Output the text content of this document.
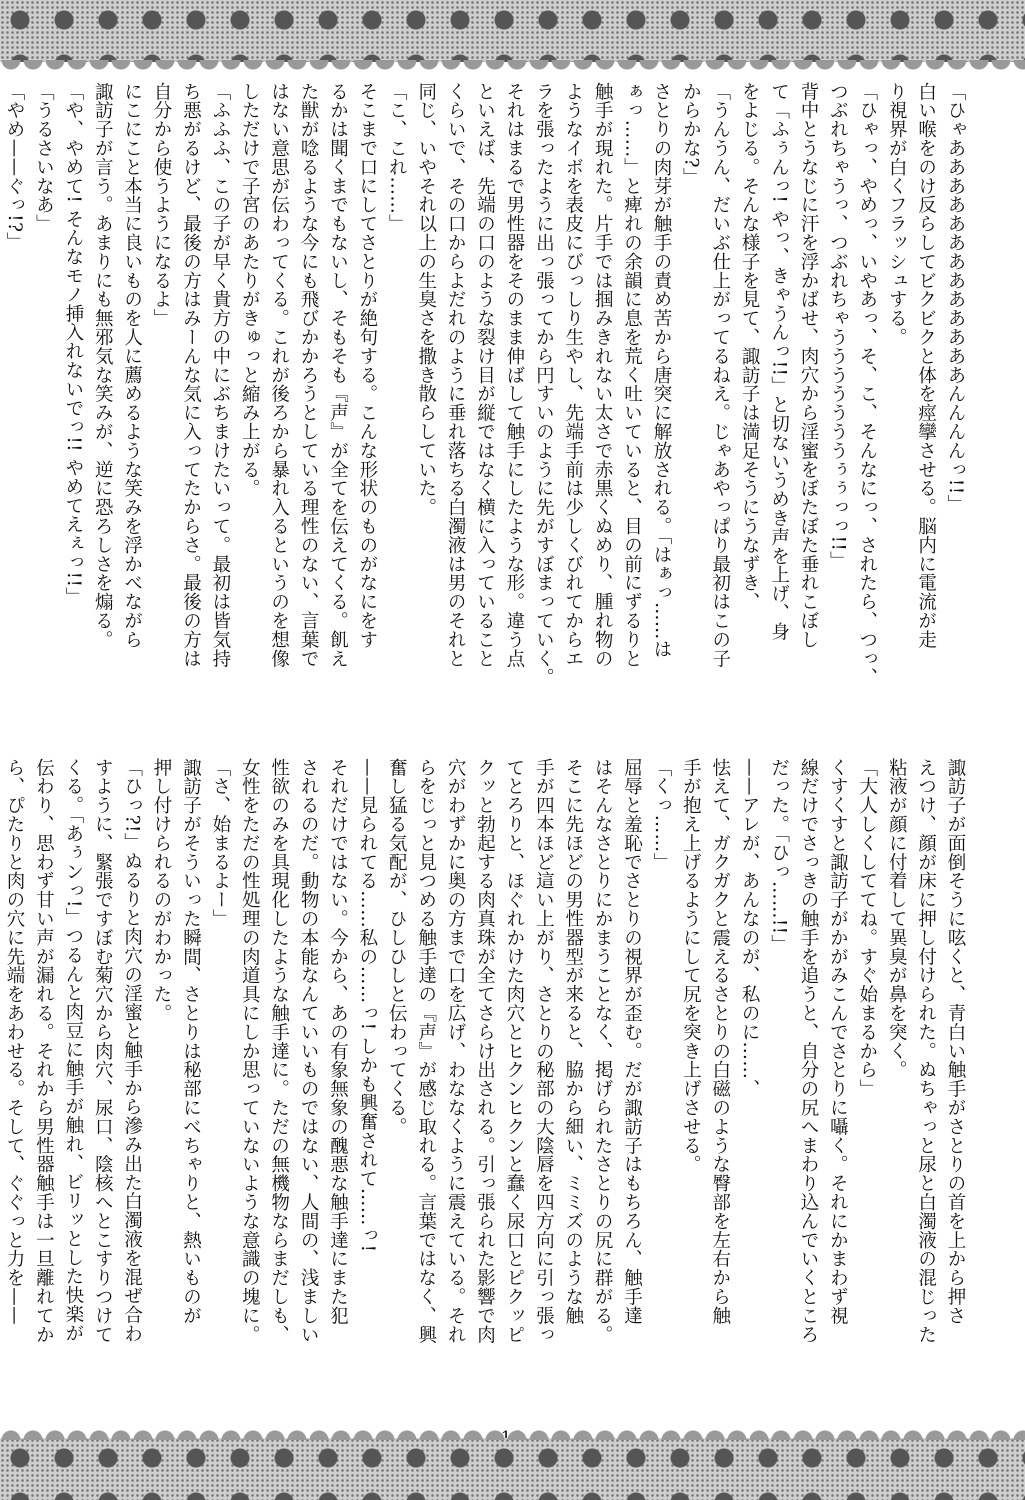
「ひゃあああああああああああああんんんんっ!!」
白い喉をのけ反らしてビクビクと体を痙攣させる。脳内に電流が走
り視界が白くフラッシュする。
「ひゃっ、やめっ、いやあっ、そ、こ、そんなにっ、されたら、つっ、
つぶれちゃうっ、つぶれちゃうううううううぅぅっっ!!」
背中とうなじに汗を浮かばせ、肉穴から淫蜜をぼたぼた垂れこぼし
て「ふぅんっ! やっ、きゃうんっ!!」と切ないうめき声を上げ、身
をよじる。そんな様子を見て、諏訪子は満足そうにうなずき、
「うんうん、だいぶ仕上がってるねえ。じゃあやっぱり最初はこの子
からかな?」
さとりの肉芽が触手の責め苦から唐突に解放される。「はぁっ……は
ぁっ……」と痺れの余韻に息を荒く吐いていると、目の前にずるりと
触手が現れた。片手では掴みきれない太さで赤黒くぬめり、腫れ物の
ようなイボを表皮にびっしり生やし、先端手前は少しくびれてからエ
ラを張ったように出っ張ってから円すいのように先がすぼまっていく。
それはまるで男性器をそのまま伸ばして触手にしたような形。違う点
といえば、先端の口のような裂け目が縦ではなく横に入っていること
くらいで、その口からよだれのように垂れ落ちる白濁液は男のそれと
同じ、いやそれ以上の生臭さを撒き散らしていた。
「こ、これ……」
そこまで口にしてさとりが絶句する。こんな形状のものがなにをす
るかは聞くまでもないし、そもそも『声』が全てを伝えてくる。飢え
た獣が唸るような今にも飛びかかろうとしている理性のない、言葉で
はない意思が伝わってくる。これが後ろから暴れ入るというのを想像
しただけで子宮のあたりがきゅっと縮み上がる。
「ふふふ、この子が早く貴方の中にぶちまけたいって。最初は皆気持
ち悪がるけど、最後の方はみーんな気に入ってたからさ。最後の方は
自分から使うようになるよ」
にこにこと本当に良いものを人に薦めるような笑みを浮かべながら
諏訪子が言う。あまりにも無邪気な笑みが、逆に恐ろしさを煽る。
「や、やめて! そんなモノ挿入れないでっ!! やめてえぇっ!!」
「うるさいなあ」
「やめ——ぐっ!?」
諏訪子が面倒そうに呟くと、青白い触手がさとりの首を上から押さ
えつけ、顔が床に押し付けられた。ぬちゃっと尿と白濁液の混じった
粘液が顔に付着して異臭が鼻を突く。
「大人しくしててね。すぐ始まるから」
くすくすと諏訪子がかがみこんでさとりに囁く。それにかまわず視
線だけでさっきの触手を追うと、自分の尻へまわり込んでいくところ
だった。「ひっ……!!」
——アレが、あんなのが、私のに……、
怯えて、ガクガクと震えるさとりの白磁のような臀部を左右から触
手が抱え上げるようにして尻を突き上げさせる。
「くっ……」
屈辱と羞恥でさとりの視界が歪む。だが諏訪子はもちろん、触手達
はそんなさとりにかまうことなく、掲げられたさとりの尻に群がる。
そこに先ほどの男性器型が来ると、脇から細い、ミミズのような触
手が四本ほど這い上がり、さとりの秘部の大陰唇を四方向に引っ張っ
てとろりと、ほぐれかけた肉穴とヒクンヒクンと蠢く尿口とピクッピ
クッと勃起する肉真珠が全てさらけ出される。引っ張られた影響で肉
穴がわずかに奥の方まで口を広げ、わななくように震えている。それ
らをじっと見つめる触手達の『声』が感じ取れる。言葉ではなく、興
奮し猛る気配が、ひしひしと伝わってくる。
——見られてる……私の……っ! しかも興奮されて……っ!
それだけではない。今から、あの有象無象の醜悪な触手達にまた犯
されるのだ。動物の本能なんていいものではない、人間の、浅ましい
性欲のみを具現化したような触手達に。ただの無機物ならまだしも、
女性をただの性処理の肉道具にしか思っていないような意識の塊に。
「さ、始まるよー」
諏訪子がそういった瞬間、さとりは秘部にべちゃりと、熱いものが
押し付けられるのがわかった。
「ひっ?!」ぬるりと肉穴の淫蜜と触手から滲み出た白濁液を混ぜ合わ
すように、緊張ですぼむ菊穴から肉穴、尿口、陰核へとこすりつけて
くる。「あぅンっ!」つるんと肉豆に触手が触れ、ビリッとした快楽が
伝わり、思わず甘い声が漏れる。それから男性器触手は一旦離れてか
ら、ぴたりと肉の穴に先端をあわせる。そして、ぐぐっと力を——
